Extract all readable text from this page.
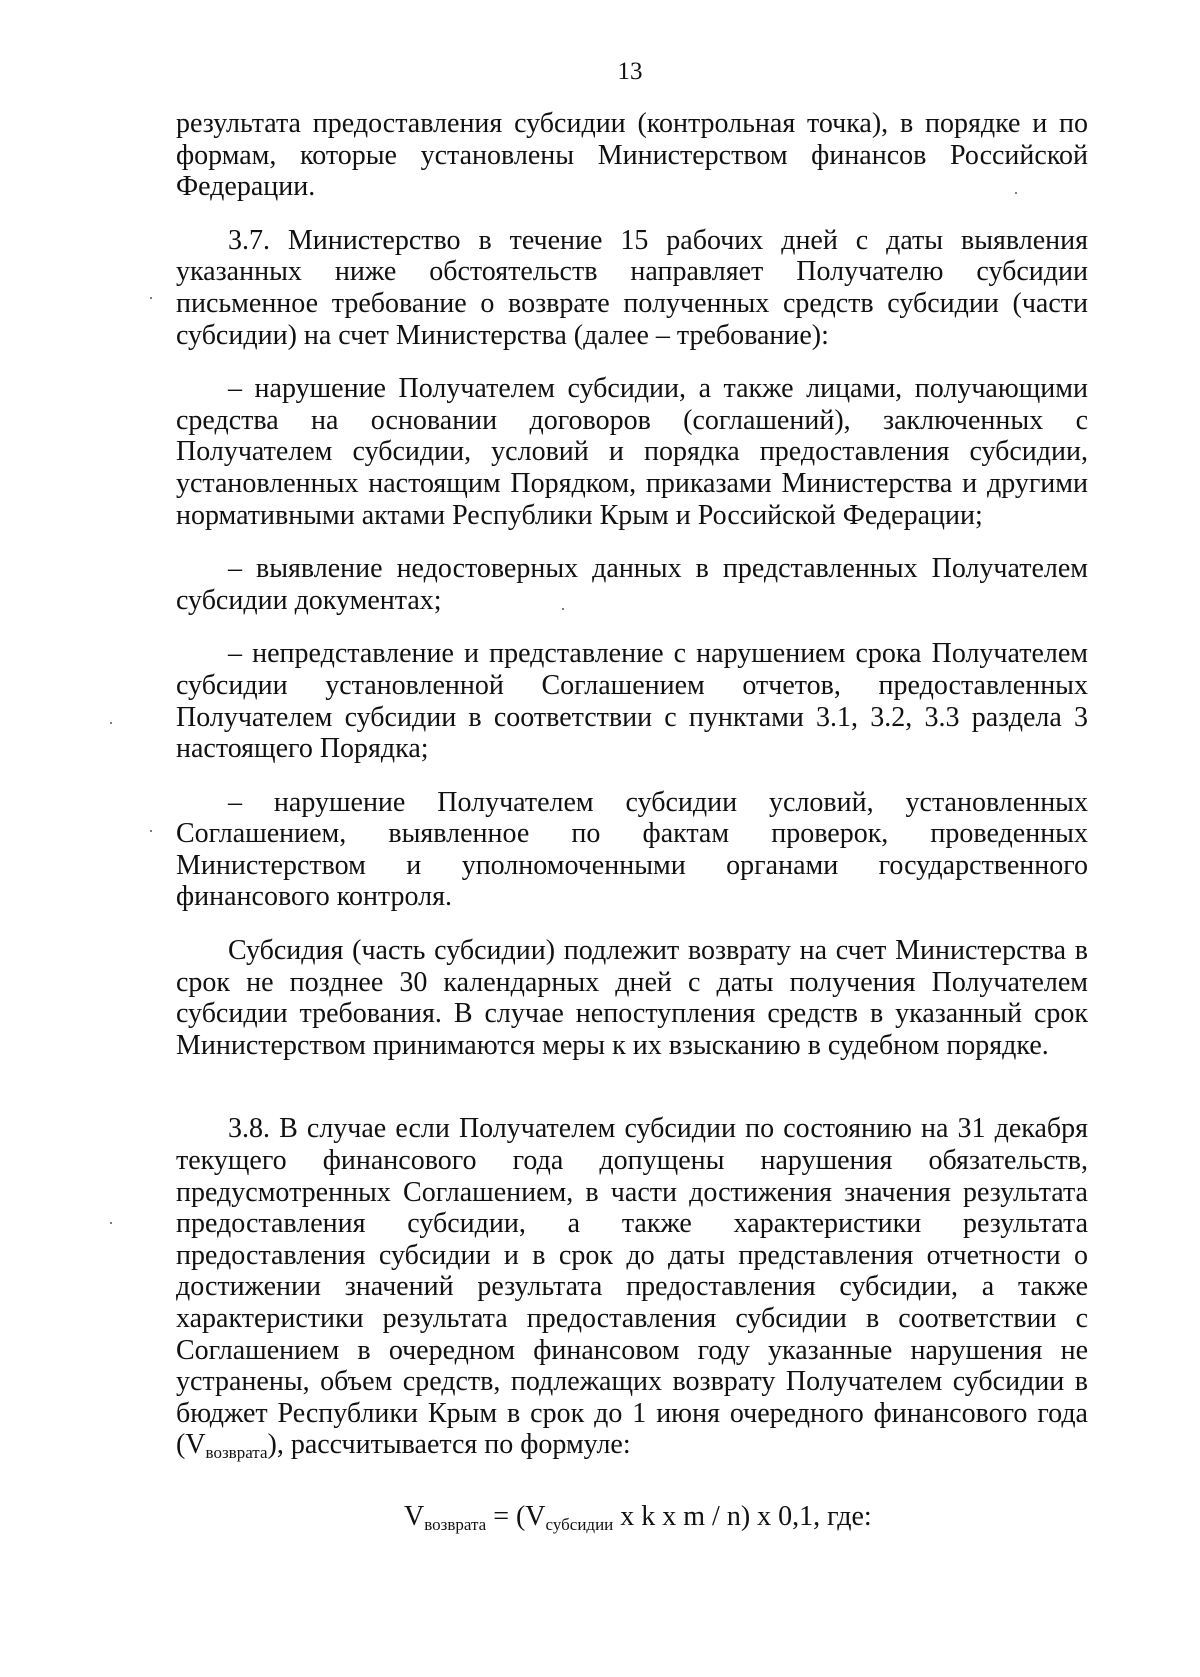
13

результата предоставления субсидии (контрольная точка), в порядке и по формам, которые установлены Министерством финансов Российской Федерации.

3.7. Министерство в течение 15 рабочих дней с даты выявления указанных ниже обстоятельств направляет Получателю субсидии письменное требование о возврате полученных средств субсидии (части субсидии) на счет Министерства (далее – требование):

– нарушение Получателем субсидии, а также лицами, получающими средства на основании договоров (соглашений), заключенных с Получателем субсидии, условий и порядка предоставления субсидии, установленных настоящим Порядком, приказами Министерства и другими нормативными актами Республики Крым и Российской Федерации;

– выявление недостоверных данных в представленных Получателем субсидии документах;

– непредставление и представление с нарушением срока Получателем субсидии установленной Соглашением отчетов, предоставленных Получателем субсидии в соответствии с пунктами 3.1, 3.2, 3.3 раздела 3 настоящего Порядка;

– нарушение Получателем субсидии условий, установленных Соглашением, выявленное по фактам проверок, проведенных Министерством и уполномоченными органами государственного финансового контроля.

Субсидия (часть субсидии) подлежит возврату на счет Министерства в срок не позднее 30 календарных дней с даты получения Получателем субсидии требования. В случае непоступления средств в указанный срок Министерством принимаются меры к их взысканию в судебном порядке.

3.8. В случае если Получателем субсидии по состоянию на 31 декабря текущего финансового года допущены нарушения обязательств, предусмотренных Соглашением, в части достижения значения результата предоставления субсидии, а также характеристики результата предоставления субсидии и в срок до даты представления отчетности о достижении значений результата предоставления субсидии, а также характеристики результата предоставления субсидии в соответствии с Соглашением в очередном финансовом году указанные нарушения не устранены, объем средств, подлежащих возврату Получателем субсидии в бюджет Республики Крым в срок до 1 июня очередного финансового года $(V_{возврата})$, рассчитывается по формуле:

$V_{возврата} = (V_{субсидии}$ x k x m / n) x 0,1, где:
